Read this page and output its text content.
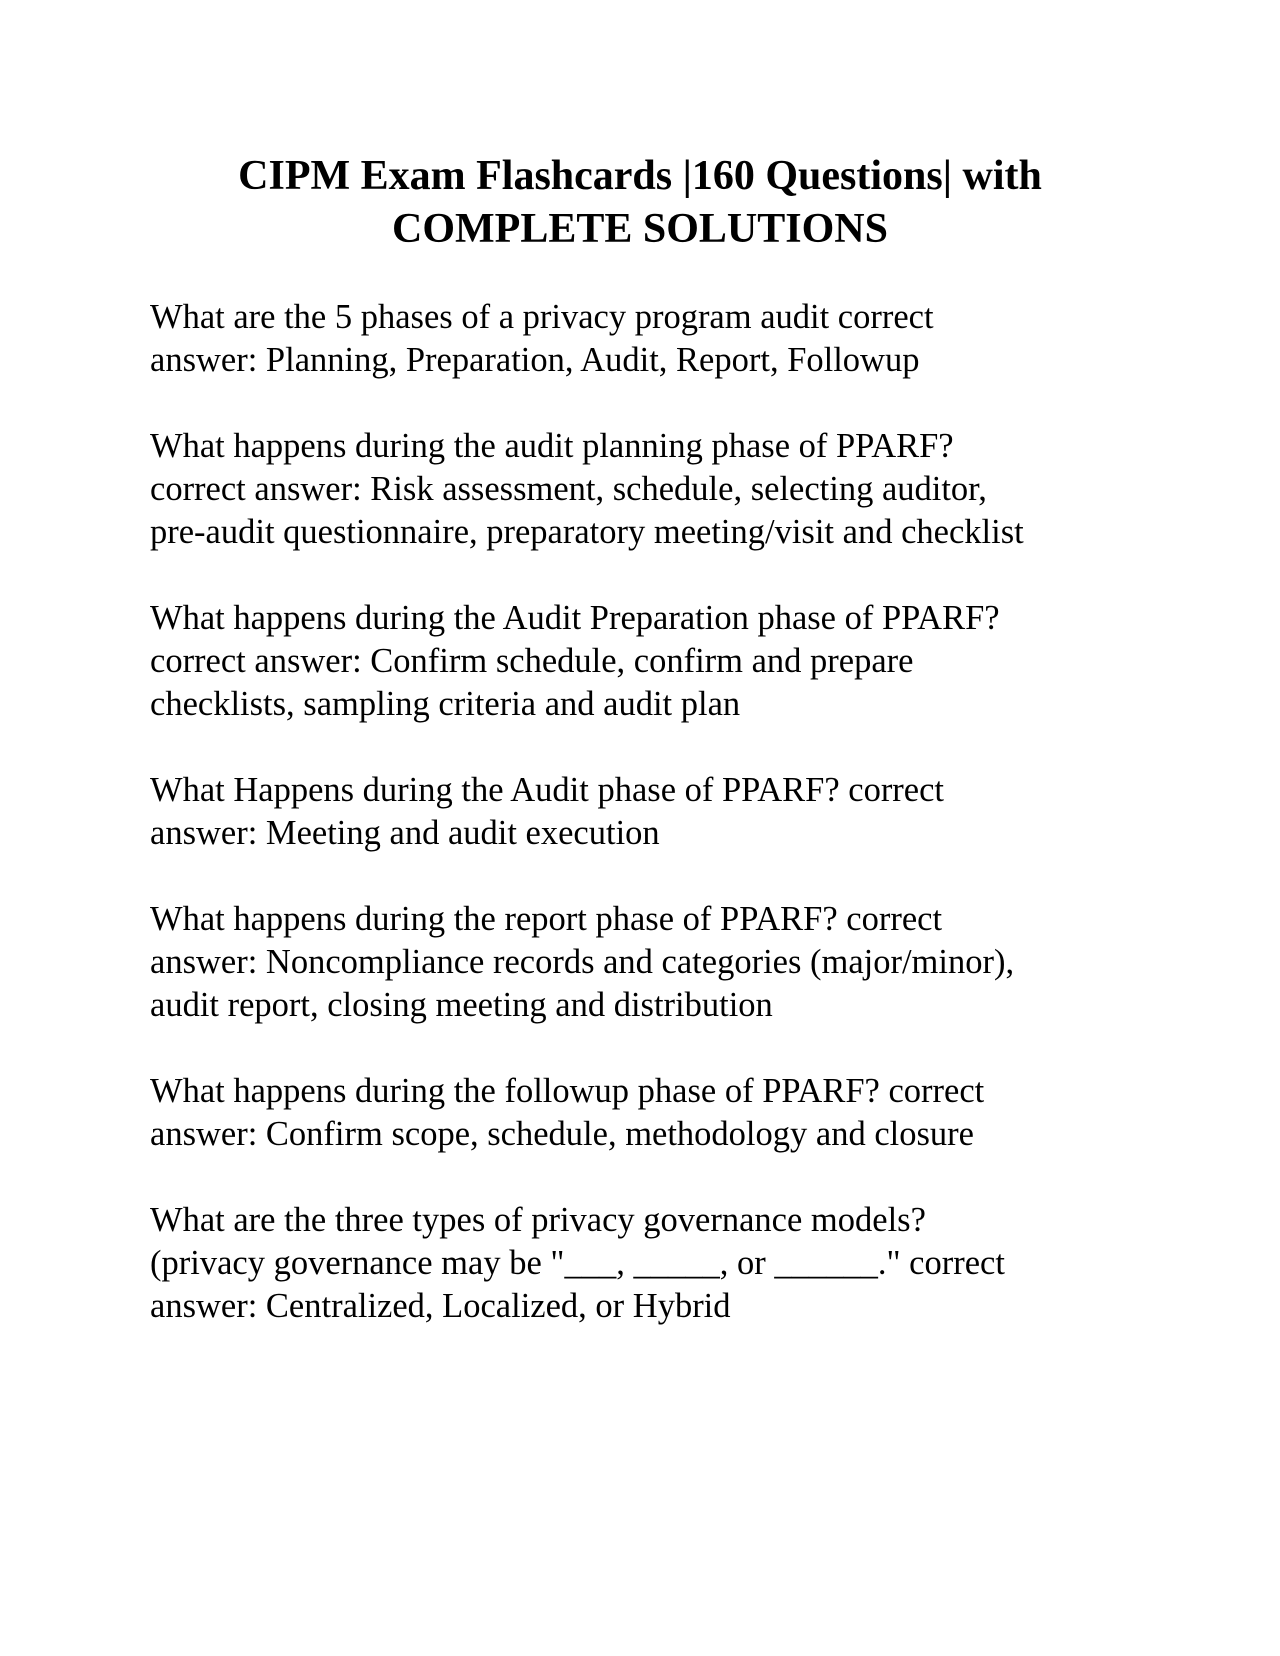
CIPM Exam Flashcards |160 Questions| with
COMPLETE SOLUTIONS
What are the 5 phases of a privacy program audit correct
answer: Planning, Preparation, Audit, Report, Followup
What happens during the audit planning phase of PPARF?
correct answer: Risk assessment, schedule, selecting auditor,
pre-audit questionnaire, preparatory meeting/visit and checklist
What happens during the Audit Preparation phase of PPARF?
correct answer: Confirm schedule, confirm and prepare
checklists, sampling criteria and audit plan
What Happens during the Audit phase of PPARF? correct
answer: Meeting and audit execution
What happens during the report phase of PPARF? correct
answer: Noncompliance records and categories (major/minor),
audit report, closing meeting and distribution
What happens during the followup phase of PPARF? correct
answer: Confirm scope, schedule, methodology and closure
What are the three types of privacy governance models?
(privacy governance may be "___, _____, or ______." correct
answer: Centralized, Localized, or Hybrid
